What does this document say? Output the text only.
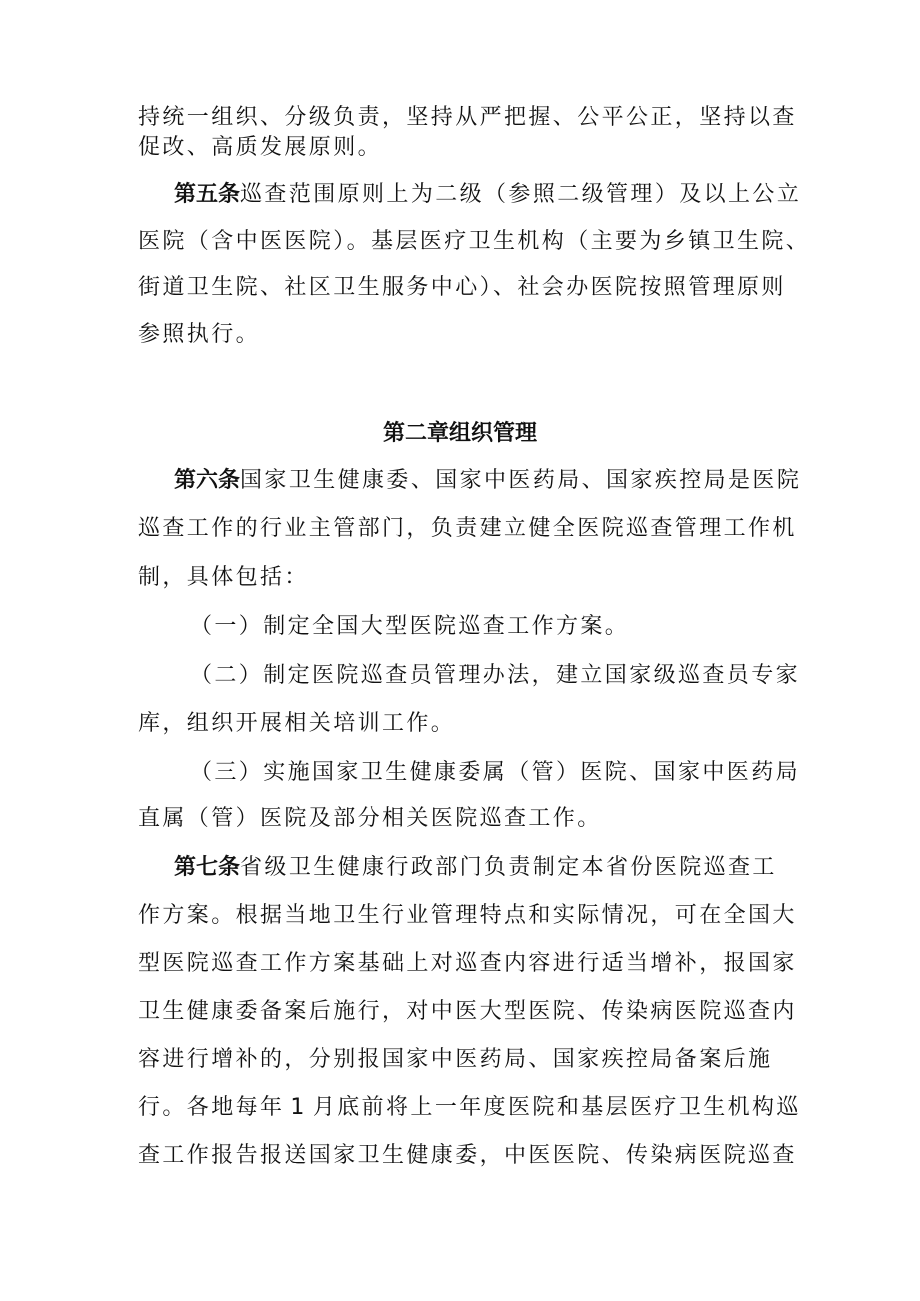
持统一组织、分级负责，坚持从严把握、公平公正，坚持以查
促改、高质发展原则。
第五条巡查范围原则上为二级（参照二级管理）及以上公立
医院（含中医医院）。基层医疗卫生机构（主要为乡镇卫生院、
街道卫生院、社区卫生服务中心）、社会办医院按照管理原则
参照执行。
第二章组织管理
第六条国家卫生健康委、国家中医药局、国家疾控局是医院
巡查工作的行业主管部门，负责建立健全医院巡查管理工作机
制，具体包括：
（一）制定全国大型医院巡查工作方案。
（二）制定医院巡查员管理办法，建立国家级巡查员专家
库，组织开展相关培训工作。
（三）实施国家卫生健康委属（管）医院、国家中医药局
直属（管）医院及部分相关医院巡查工作。
第七条省级卫生健康行政部门负责制定本省份医院巡查工
作方案。根据当地卫生行业管理特点和实际情况，可在全国大
型医院巡查工作方案基础上对巡查内容进行适当增补，报国家
卫生健康委备案后施行，对中医大型医院、传染病医院巡查内
容进行增补的，分别报国家中医药局、国家疾控局备案后施
行。各地每年 1 月底前将上一年度医院和基层医疗卫生机构巡
查工作报告报送国家卫生健康委，中医医院、传染病医院巡查
